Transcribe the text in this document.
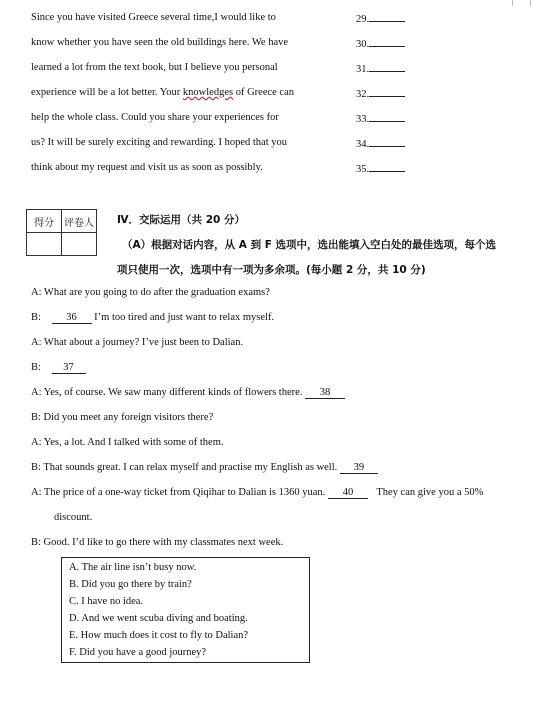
Since you have visited Greece several time,I would like to	29.
know whether you have seen the old buildings here. We have	30.
learned a lot from the text book, but I believe you personal	31.
experience will be a lot better. Your knowledges of Greece can	32.
help the whole class. Could you share your experiences for	33.
us? It will be surely exciting and rewarding. I hoped that you	34.
think about my request and visit us as soon as possibly.	35.
得分	评卷人
	Ⅳ．交际运用（共 20 分）
（A）根据对话内容，从 A 到 F 选项中，选出能填入空白处的最佳选项，每个选
项只使用一次，选项中有一项为多余项。(每小题 2 分，共 10 分)
A: What are you going to do after the graduation exams?
B: 36 I’m too tired and just want to relax myself.
A: What about a journey? I’ve just been to Dalian.
B: 37
A: Yes, of course. We saw many different kinds of flowers there. 38
B: Did you meet any foreign visitors there?
A: Yes, a lot. And I talked with some of them.
B: That sounds great. I can relax myself and practise my English as well. 39
A: The price of a one-way ticket from Qiqihar to Dalian is 1360 yuan. 40 They can give you a 50%
discount.
B: Good. I’d like to go there with my classmates next week.
A. The air line isn’t busy now.
B. Did you go there by train?
C. I have no idea.
D. And we went scuba diving and boating.
E. How much does it cost to fly to Dalian?
F. Did you have a good journey?
